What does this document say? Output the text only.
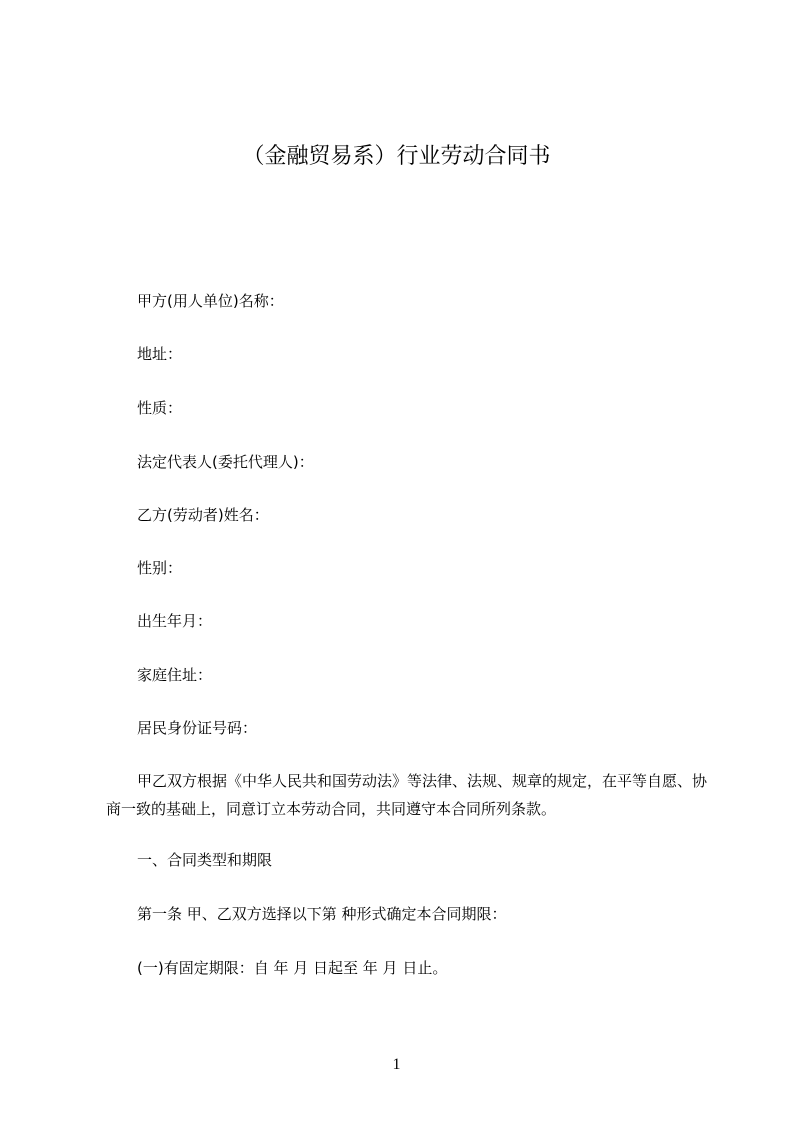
（金融贸易系）行业劳动合同书
甲方(用人单位)名称：
地址：
性质：
法定代表人(委托代理人)：
乙方(劳动者)姓名：
性别：
出生年月：
家庭住址：
居民身份证号码：
甲乙双方根据《中华人民共和国劳动法》等法律、法规、规章的规定，在平等自愿、协商一致的基础上，同意订立本劳动合同，共同遵守本合同所列条款。
一、合同类型和期限
第一条 甲、乙双方选择以下第 种形式确定本合同期限：
(一)有固定期限：自 年 月 日起至 年 月 日止。
1
